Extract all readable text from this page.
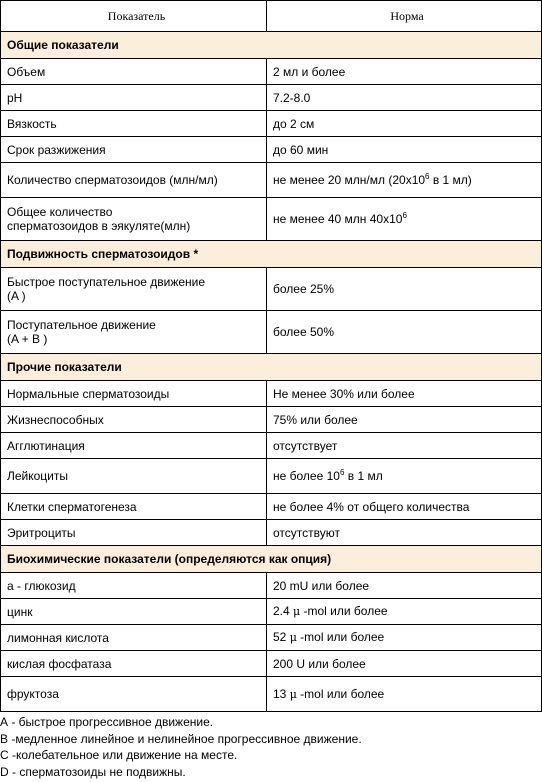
Показатель	Норма
Общие показатели	
Объем	2 мл и более
pH	7.2-8.0
Вязкость	до 2 см
Срок разжижения	до 60 мин
Количество сперматозоидов (млн/мл)	не менее 20 млн/мл ($20x10^6$ в 1 мл)
Общее количество
сперматозоидов в эякуляте(млн)	не менее 40 млн $40x10^6$
Подвижность сперматозоидов *	
Быстрое поступательное движение
(A )	более 25%
Поступательное движение
(A + B )	более 50%
Прочие показатели	
Нормальные сперматозоиды	Не менее 30% или более
Жизнеспособных	75% или более
Агглютинация	отсутствует
Лейкоциты	не более $10^6$ в 1 мл
Клетки сперматогенеза	не более 4% от общего количества
Эритроциты	отсутствуют
Биохимические показатели (определяются как опция)	
а - глюкозид	20 mU или более
цинк	2.4 μ -mol или более
лимонная кислота	52 μ -mol или более
кислая фосфатаза	200 U или более
фруктоза	13 μ -mol или более
А - быстрое прогрессивное движение.
В -медленное линейное и нелинейное прогрессивное движение.
С -колебательное или движение на месте.
D - сперматозоиды не подвижны.
